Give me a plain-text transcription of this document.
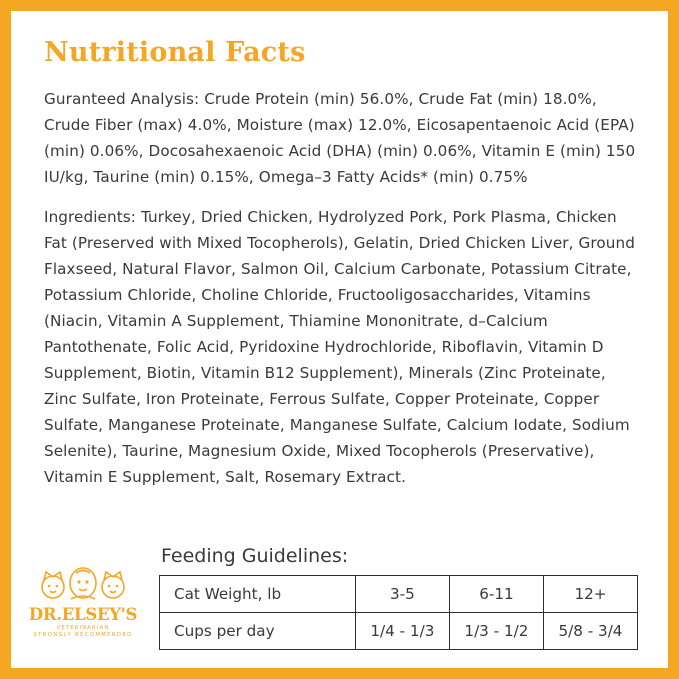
Nutritional Facts

Guranteed Analysis: Crude Protein (min) 56.0%, Crude Fat (min) 18.0%, Crude Fiber (max) 4.0%, Moisture (max) 12.0%, Eicosapentaenoic Acid (EPA) (min) 0.06%, Docosahexaenoic Acid (DHA) (min) 0.06%, Vitamin E (min) 150 IU/kg, Taurine (min) 0.15%, Omega–3 Fatty Acids* (min) 0.75%

Ingredients: Turkey, Dried Chicken, Hydrolyzed Pork, Pork Plasma, Chicken Fat (Preserved with Mixed Tocopherols), Gelatin, Dried Chicken Liver, Ground Flaxseed, Natural Flavor, Salmon Oil, Calcium Carbonate, Potassium Citrate, Potassium Chloride, Choline Chloride, Fructooligosaccharides, Vitamins (Niacin, Vitamin A Supplement, Thiamine Mononitrate, d–Calcium Pantothenate, Folic Acid, Pyridoxine Hydrochloride, Riboflavin, Vitamin D Supplement, Biotin, Vitamin B12 Supplement), Minerals (Zinc Proteinate, Zinc Sulfate, Iron Proteinate, Ferrous Sulfate, Copper Proteinate, Copper Sulfate, Manganese Proteinate, Manganese Sulfate, Calcium Iodate, Sodium Selenite), Taurine, Magnesium Oxide, Mixed Tocopherols (Preservative), Vitamin E Supplement, Salt, Rosemary Extract.

DR.ELSEY'S
VETERINARIAN
STRONGLY RECOMMENDED
Feeding Guidelines:
Cat Weight, lb	3-5	6-11	12+
Cups per day	1/4 - 1/3	1/3 - 1/2	5/8 - 3/4
